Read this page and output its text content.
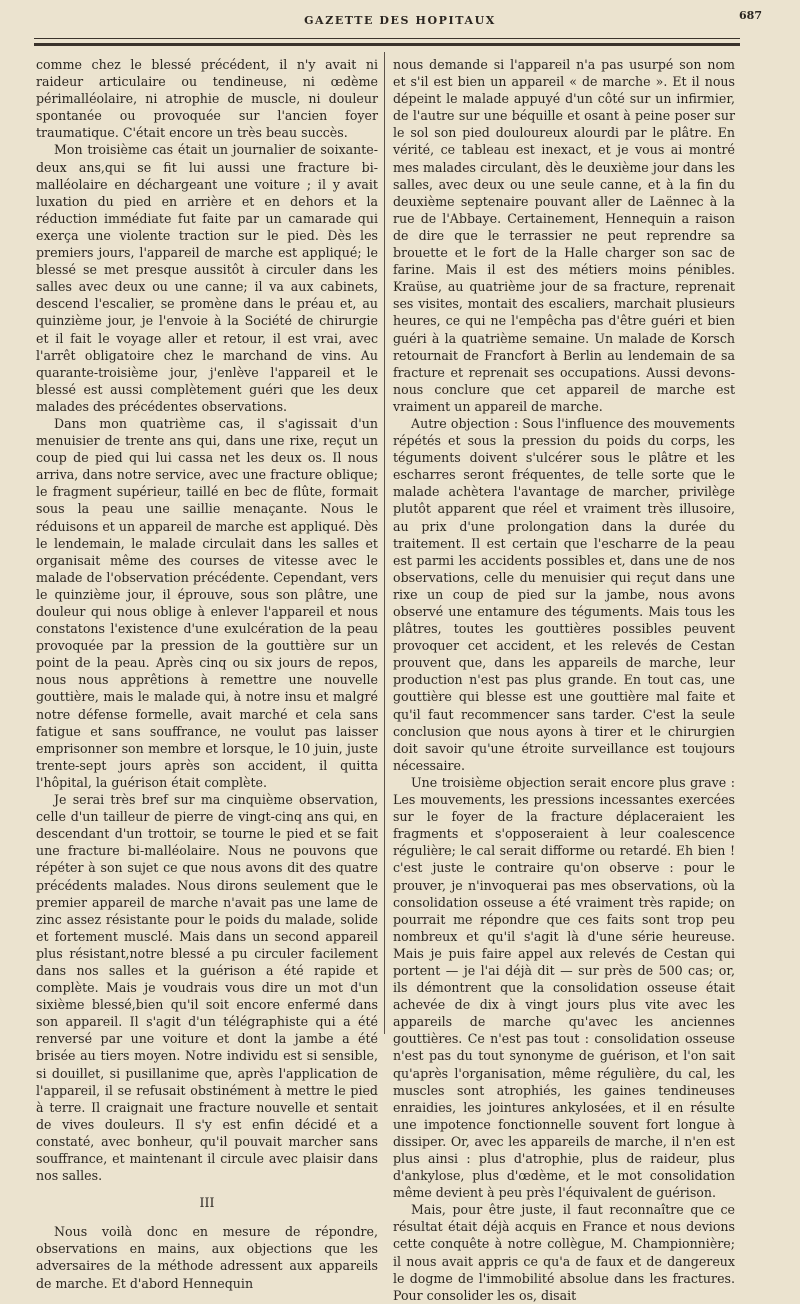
GAZETTE DES HOPITAUX	687

comme chez le blessé précédent, il n'y avait ni raideur articulaire ou tendineuse, ni œdème périmalléolaire, ni atrophie de muscle, ni douleur spontanée ou provoquée sur l'ancien foyer traumatique. C'était encore un très beau succès.

Mon troisième cas était un journalier de soixante-deux ans,qui se fit lui aussi une fracture bi-malléolaire en déchargeant une voiture ; il y avait luxation du pied en arrière et en dehors et la réduction immédiate fut faite par un camarade qui exerça une violente traction sur le pied. Dès les premiers jours, l'appareil de marche est appliqué; le blessé se met presque aussitôt à circuler dans les salles avec deux ou une canne; il va aux cabinets, descend l'escalier, se promène dans le préau et, au quinzième jour, je l'envoie à la Société de chirurgie et il fait le voyage aller et retour, il est vrai, avec l'arrêt obligatoire chez le marchand de vins. Au quarante-troisième jour, j'enlève l'appareil et le blessé est aussi complètement guéri que les deux malades des précédentes observations.

Dans mon quatrième cas, il s'agissait d'un menuisier de trente ans qui, dans une rixe, reçut un coup de pied qui lui cassa net les deux os. Il nous arriva, dans notre service, avec une fracture oblique; le fragment supérieur, taillé en bec de flûte, formait sous la peau une saillie menaçante. Nous le réduisons et un appareil de marche est appliqué. Dès le lendemain, le malade circulait dans les salles et organisait même des courses de vitesse avec le malade de l'observation précédente. Cependant, vers le quinzième jour, il éprouve, sous son plâtre, une douleur qui nous oblige à enlever l'appareil et nous constatons l'existence d'une exulcération de la peau provoquée par la pression de la gouttière sur un point de la peau. Après cinq ou six jours de repos, nous nous apprêtions à remettre une nouvelle gouttière, mais le malade qui, à notre insu et malgré notre défense formelle, avait marché et cela sans fatigue et sans souffrance, ne voulut pas laisser emprisonner son membre et lorsque, le 10 juin, juste trente-sept jours après son accident, il quitta l'hôpital, la guérison était complète.

Je serai très bref sur ma cinquième observation, celle d'un tailleur de pierre de vingt-cinq ans qui, en descendant d'un trottoir, se tourne le pied et se fait une fracture bi-malléolaire. Nous ne pouvons que répéter à son sujet ce que nous avons dit des quatre précédents malades. Nous dirons seulement que le premier appareil de marche n'avait pas une lame de zinc assez résistante pour le poids du malade, solide et fortement musclé. Mais dans un second appareil plus résistant,notre blessé a pu circuler facilement dans nos salles et la guérison a été rapide et complète. Mais je voudrais vous dire un mot d'un sixième blessé,bien qu'il soit encore enfermé dans son appareil. Il s'agit d'un télégraphiste qui a été renversé par une voiture et dont la jambe a été brisée au tiers moyen. Notre individu est si sensible, si douillet, si pusillanime que, après l'application de l'appareil, il se refusait obstinément à mettre le pied à terre. Il craignait une fracture nouvelle et sentait de vives douleurs. Il s'y est enfin décidé et a constaté, avec bonheur, qu'il pouvait marcher sans souffrance, et maintenant il circule avec plaisir dans nos salles.

III

Nous voilà donc en mesure de répondre, observations en mains, aux objections que les adversaires de la méthode adressent aux appareils de marche. Et d'abord Hennequin

nous demande si l'appareil n'a pas usurpé son nom et s'il est bien un appareil « de marche ». Et il nous dépeint le malade appuyé d'un côté sur un infirmier, de l'autre sur une béquille et osant à peine poser sur le sol son pied douloureux alourdi par le plâtre. En vérité, ce tableau est inexact, et je vous ai montré mes malades circulant, dès le deuxième jour dans les salles, avec deux ou une seule canne, et à la fin du deuxième septenaire pouvant aller de Laënnec à la rue de l'Abbaye. Certainement, Hennequin a raison de dire que le terrassier ne peut reprendre sa brouette et le fort de la Halle charger son sac de farine. Mais il est des métiers moins pénibles. Kraüse, au quatrième jour de sa fracture, reprenait ses visites, montait des escaliers, marchait plusieurs heures, ce qui ne l'empêcha pas d'être guéri et bien guéri à la quatrième semaine. Un malade de Korsch retournait de Francfort à Berlin au lendemain de sa fracture et reprenait ses occupations. Aussi devons-nous conclure que cet appareil de marche est vraiment un appareil de marche.

Autre objection : Sous l'influence des mouvements répétés et sous la pression du poids du corps, les téguments doivent s'ulcérer sous le plâtre et les escharres seront fréquentes, de telle sorte que le malade achètera l'avantage de marcher, privilège plutôt apparent que réel et vraiment très illusoire, au prix d'une prolongation dans la durée du traitement. Il est certain que l'escharre de la peau est parmi les accidents possibles et, dans une de nos observations, celle du menuisier qui reçut dans une rixe un coup de pied sur la jambe, nous avons observé une entamure des téguments. Mais tous les plâtres, toutes les gouttières possibles peuvent provoquer cet accident, et les relevés de Cestan prouvent que, dans les appareils de marche, leur production n'est pas plus grande. En tout cas, une gouttière qui blesse est une gouttière mal faite et qu'il faut recommencer sans tarder. C'est la seule conclusion que nous ayons à tirer et le chirurgien doit savoir qu'une étroite surveillance est toujours nécessaire.

Une troisième objection serait encore plus grave : Les mouvements, les pressions incessantes exercées sur le foyer de la fracture déplaceraient les fragments et s'opposeraient à leur coalescence régulière; le cal serait difforme ou retardé. Eh bien ! c'est juste le contraire qu'on observe : pour le prouver, je n'invoquerai pas mes observations, où la consolidation osseuse a été vraiment très rapide; on pourrait me répondre que ces faits sont trop peu nombreux et qu'il s'agit là d'une série heureuse. Mais je puis faire appel aux relevés de Cestan qui portent — je l'ai déjà dit — sur près de 500 cas; or, ils démontrent que la consolidation osseuse était achevée de dix à vingt jours plus vite avec les appareils de marche qu'avec les anciennes gouttières. Ce n'est pas tout : consolidation osseuse n'est pas du tout synonyme de guérison, et l'on sait qu'après l'organisation, même régulière, du cal, les muscles sont atrophiés, les gaines tendineuses enraidies, les jointures ankylosées, et il en résulte une impotence fonctionnelle souvent fort longue à dissiper. Or, avec les appareils de marche, il n'en est plus ainsi : plus d'atrophie, plus de raideur, plus d'ankylose, plus d'œdème, et le mot consolidation même devient à peu près l'équivalent de guérison.

Mais, pour être juste, il faut reconnaître que ce résultat était déjà acquis en France et nous devions cette conquête à notre collègue, M. Championnière; il nous avait appris ce qu'a de faux et de dangereux le dogme de l'immobilité absolue dans les fractures. Pour consolider les os, disait
